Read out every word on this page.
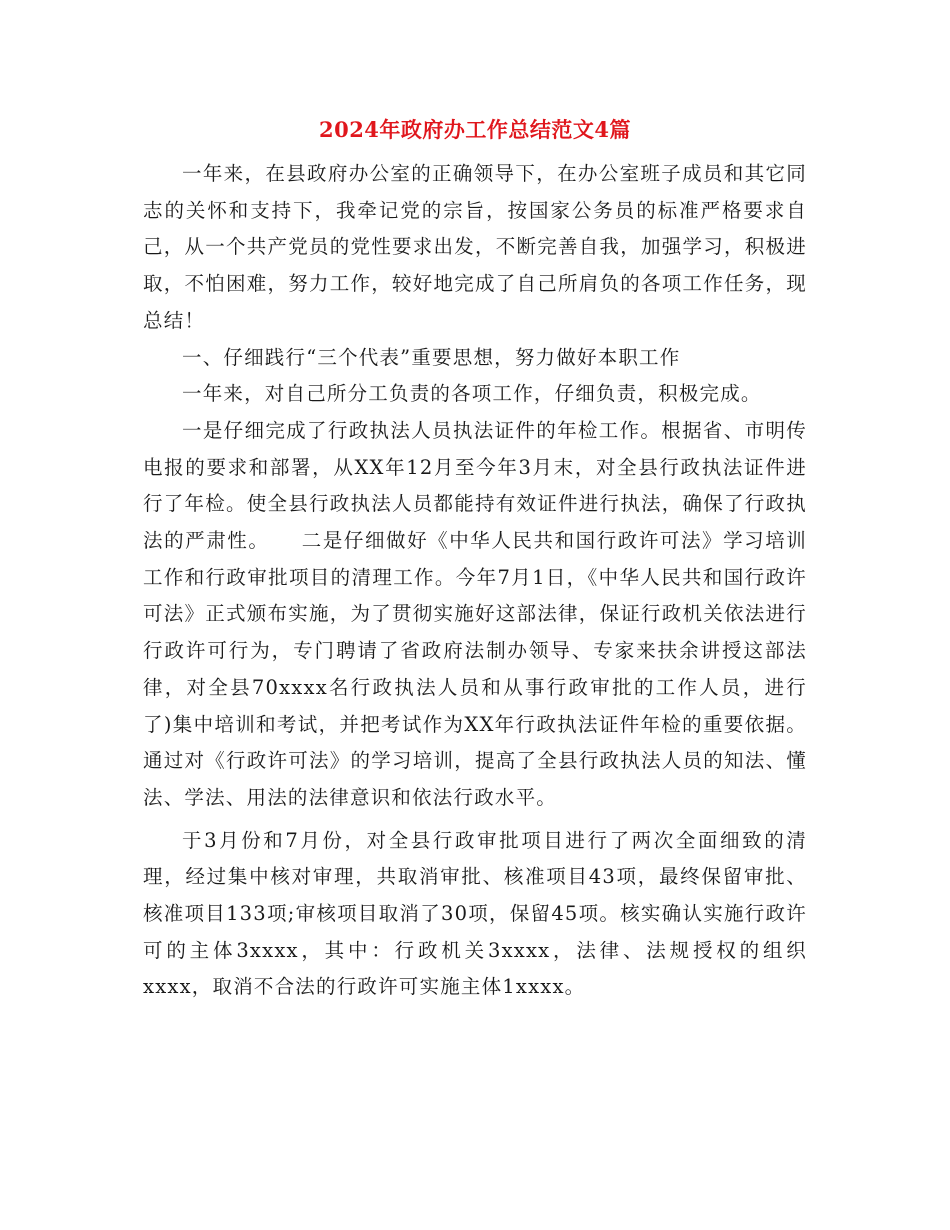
2024年政府办工作总结范文4篇

一年来，在县政府办公室的正确领导下，在办公室班子成员和其它同志的关怀和支持下，我牵记党的宗旨，按国家公务员的标准严格要求自己，从一个共产党员的党性要求出发，不断完善自我，加强学习，积极进取，不怕困难，努力工作，较好地完成了自己所肩负的各项工作任务，现总结！

一、仔细践行“三个代表”重要思想，努力做好本职工作

一年来，对自己所分工负责的各项工作，仔细负责，积极完成。

一是仔细完成了行政执法人员执法证件的年检工作。根据省、市明传电报的要求和部署，从XX年12月至今年3月末，对全县行政执法证件进行了年检。使全县行政执法人员都能持有效证件进行执法，确保了行政执法的严肃性。　　二是仔细做好《中华人民共和国行政许可法》学习培训工作和行政审批项目的清理工作。今年7月1日，《中华人民共和国行政许可法》正式颁布实施，为了贯彻实施好这部法律，保证行政机关依法进行行政许可行为，专门聘请了省政府法制办领导、专家来扶余讲授这部法律，对全县70xxxx名行政执法人员和从事行政审批的工作人员，进行了)集中培训和考试，并把考试作为XX年行政执法证件年检的重要依据。通过对《行政许可法》的学习培训，提高了全县行政执法人员的知法、懂法、学法、用法的法律意识和依法行政水平。

于3月份和7月份，对全县行政审批项目进行了两次全面细致的清理，经过集中核对审理，共取消审批、核准项目43项，最终保留审批、核准项目133项;审核项目取消了30项，保留45项。核实确认实施行政许可的主体3xxxx，其中：行政机关3xxxx，法律、法规授权的组织xxxx，取消不合法的行政许可实施主体1xxxx。
